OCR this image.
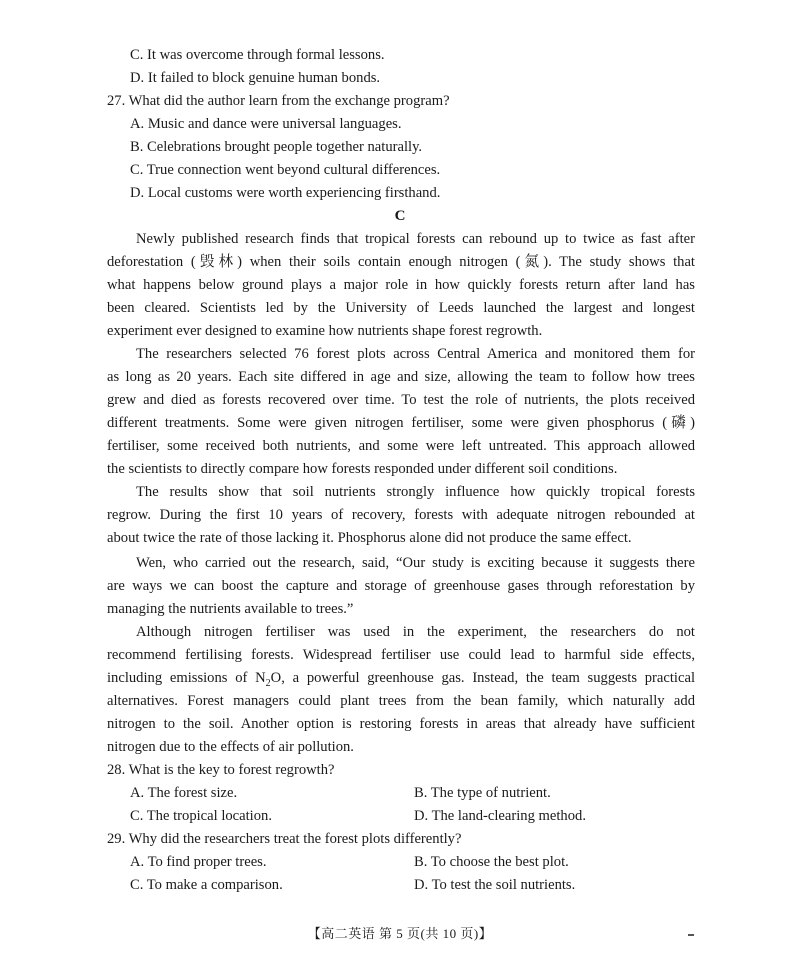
C. It was overcome through formal lessons.
D. It failed to block genuine human bonds.
27. What did the author learn from the exchange program?
A. Music and dance were universal languages.
B. Celebrations brought people together naturally.
C. True connection went beyond cultural differences.
D. Local customs were worth experiencing firsthand.
C
Newly published research finds that tropical forests can rebound up to twice as fast after
deforestation (毁林) when their soils contain enough nitrogen (氮). The study shows that
what happens below ground plays a major role in how quickly forests return after land has
been cleared. Scientists led by the University of Leeds launched the largest and longest
experiment ever designed to examine how nutrients shape forest regrowth.
The researchers selected 76 forest plots across Central America and monitored them for
as long as 20 years. Each site differed in age and size, allowing the team to follow how trees
grew and died as forests recovered over time. To test the role of nutrients, the plots received
different treatments. Some were given nitrogen fertiliser, some were given phosphorus (磷)
fertiliser, some received both nutrients, and some were left untreated. This approach allowed
the scientists to directly compare how forests responded under different soil conditions.
The results show that soil nutrients strongly influence how quickly tropical forests
regrow. During the first 10 years of recovery, forests with adequate nitrogen rebounded at
about twice the rate of those lacking it. Phosphorus alone did not produce the same effect.
Wen, who carried out the research, said, “Our study is exciting because it suggests there
are ways we can boost the capture and storage of greenhouse gases through reforestation by
managing the nutrients available to trees.”
Although nitrogen fertiliser was used in the experiment, the researchers do not
recommend fertilising forests. Widespread fertiliser use could lead to harmful side effects,
including emissions of $N_2O$, a powerful greenhouse gas. Instead, the team suggests practical
alternatives. Forest managers could plant trees from the bean family, which naturally add
nitrogen to the soil. Another option is restoring forests in areas that already have sufficient
nitrogen due to the effects of air pollution.
28. What is the key to forest regrowth?
A. The forest size.	B. The type of nutrient.
C. The tropical location.	D. The land-clearing method.
29. Why did the researchers treat the forest plots differently?
A. To find proper trees.	B. To choose the best plot.
C. To make a comparison.	D. To test the soil nutrients.
【高二英语 第 5 页(共 10 页)】
